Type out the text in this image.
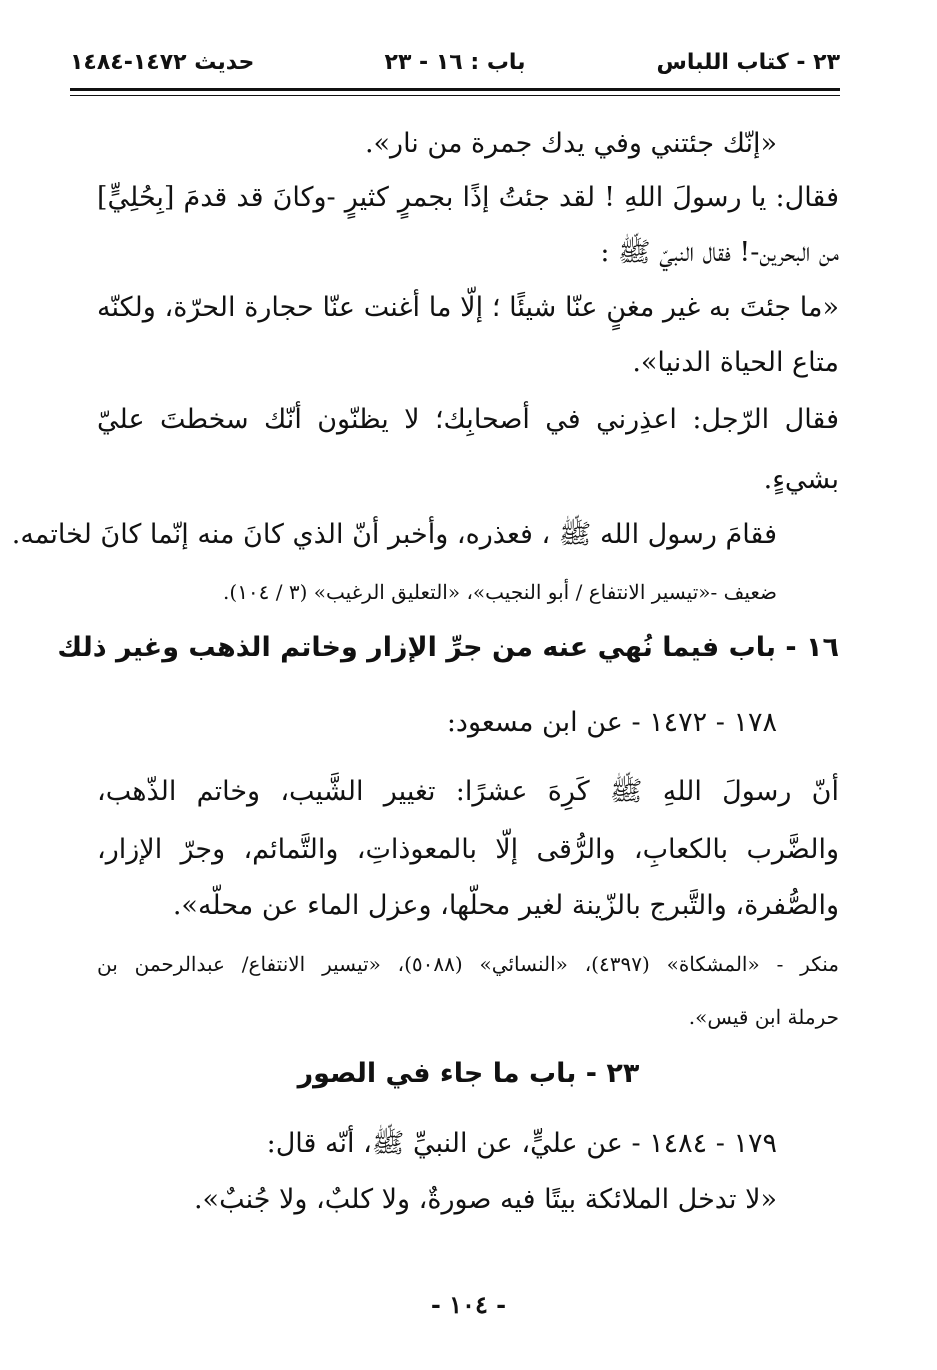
٢٣ - كتاب اللباس
باب : ١٦ - ٢٣
حديث ١٤٧٢-١٤٨٤
«إنّك جئتني وفي يدك جمرة من نار».
فقال: يا رسولَ اللهِ ! لقد جئتُ إذًا بجمرٍ كثيرٍ -وكانَ قد قدمَ [بِحُلِيٍّ]
من البحرين-! فقال النبيّ ﷺ :
«ما جئتَ به غير مغنٍ عنّا شيئًا ؛ إلّا ما أغنت عنّا حجارة الحرّة، ولكنّه
متاع الحياة الدنيا».
فقال الرّجل: اعذِرني في أصحابِك؛ لا يظنّون أنّك سخطتَ عليّ
بشيءٍ.
فقامَ رسول الله ﷺ ، فعذره، وأخبر أنّ الذي كانَ منه إنّما كانَ لخاتمه.
ضعيف -«تيسير الانتفاع / أبو النجيب»، «التعليق الرغيب» (٣ / ١٠٤).
١٦ - باب فيما نُهي عنه من جرِّ الإزار وخاتم الذهب وغير ذلك
١٧٨ - ١٤٧٢ - عن ابن مسعود:
أنّ رسولَ اللهِ ﷺ كَرِهَ عشرًا: تغيير الشَّيب، وخاتم الذّهب،
والضَّرب بالكعابِ، والرُّقى إلّا بالمعوذاتِ، والتَّمائم، وجرّ الإزار،
والصُّفرة، والتَّبرج بالزّينة لغير محلّها، وعزل الماء عن محلّه».
منكر - «المشكاة» (٤٣٩٧)، «النسائي» (٥٠٨٨)، «تيسير الانتفاع/ عبدالرحمن بن
حرملة ابن قيس».
٢٣ - باب ما جاء في الصور
١٧٩ - ١٤٨٤ - عن عليٍّ، عن النبيِّ ﷺ، أنّه قال:
«لا تدخل الملائكة بيتًا فيه صورةٌ، ولا كلبٌ، ولا جُنبٌ».
- ١٠٤ -
